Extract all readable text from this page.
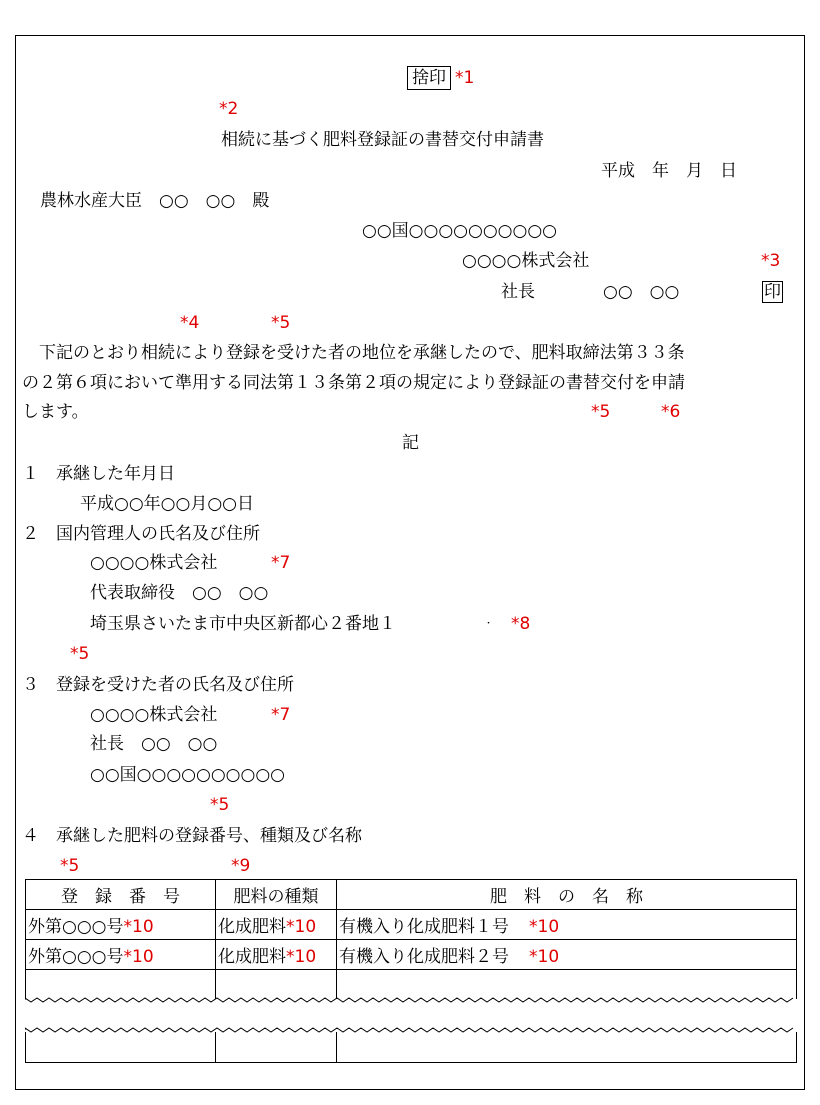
捨印 *1
*2
相続に基づく肥料登録証の書替交付申請書
平成　年　月　日
農林水産大臣　○○　○○　殿
○○国○○○○○○○○○○
○○○○株式会社	*3
社長　　　　○○　○○	印
*4	*5
　下記のとおり相続により登録を受けた者の地位を承継したので、肥料取締法第３３条
の２第６項において準用する同法第１３条第２項の規定により登録証の書替交付を申請
します。	*5	*6
記
１　承継した年月日
平成○○年○○月○○日
２　国内管理人の氏名及び住所
○○○○株式会社	*7
代表取締役　○○　○○
埼玉県さいたま市中央区新都心２番地１	・ *8
*5
３　登録を受けた者の氏名及び住所
○○○○株式会社	*7
社長　○○　○○
○○国○○○○○○○○○○
*5
４　承継した肥料の登録番号、種類及び名称
*5	*9
登　録　番　号	肥料の種類	肥　料　の　名　称
外第○○○号*10	化成肥料*10	有機入り化成肥料１号 *10
外第○○○号*10	化成肥料*10	有機入り化成肥料２号 *10
